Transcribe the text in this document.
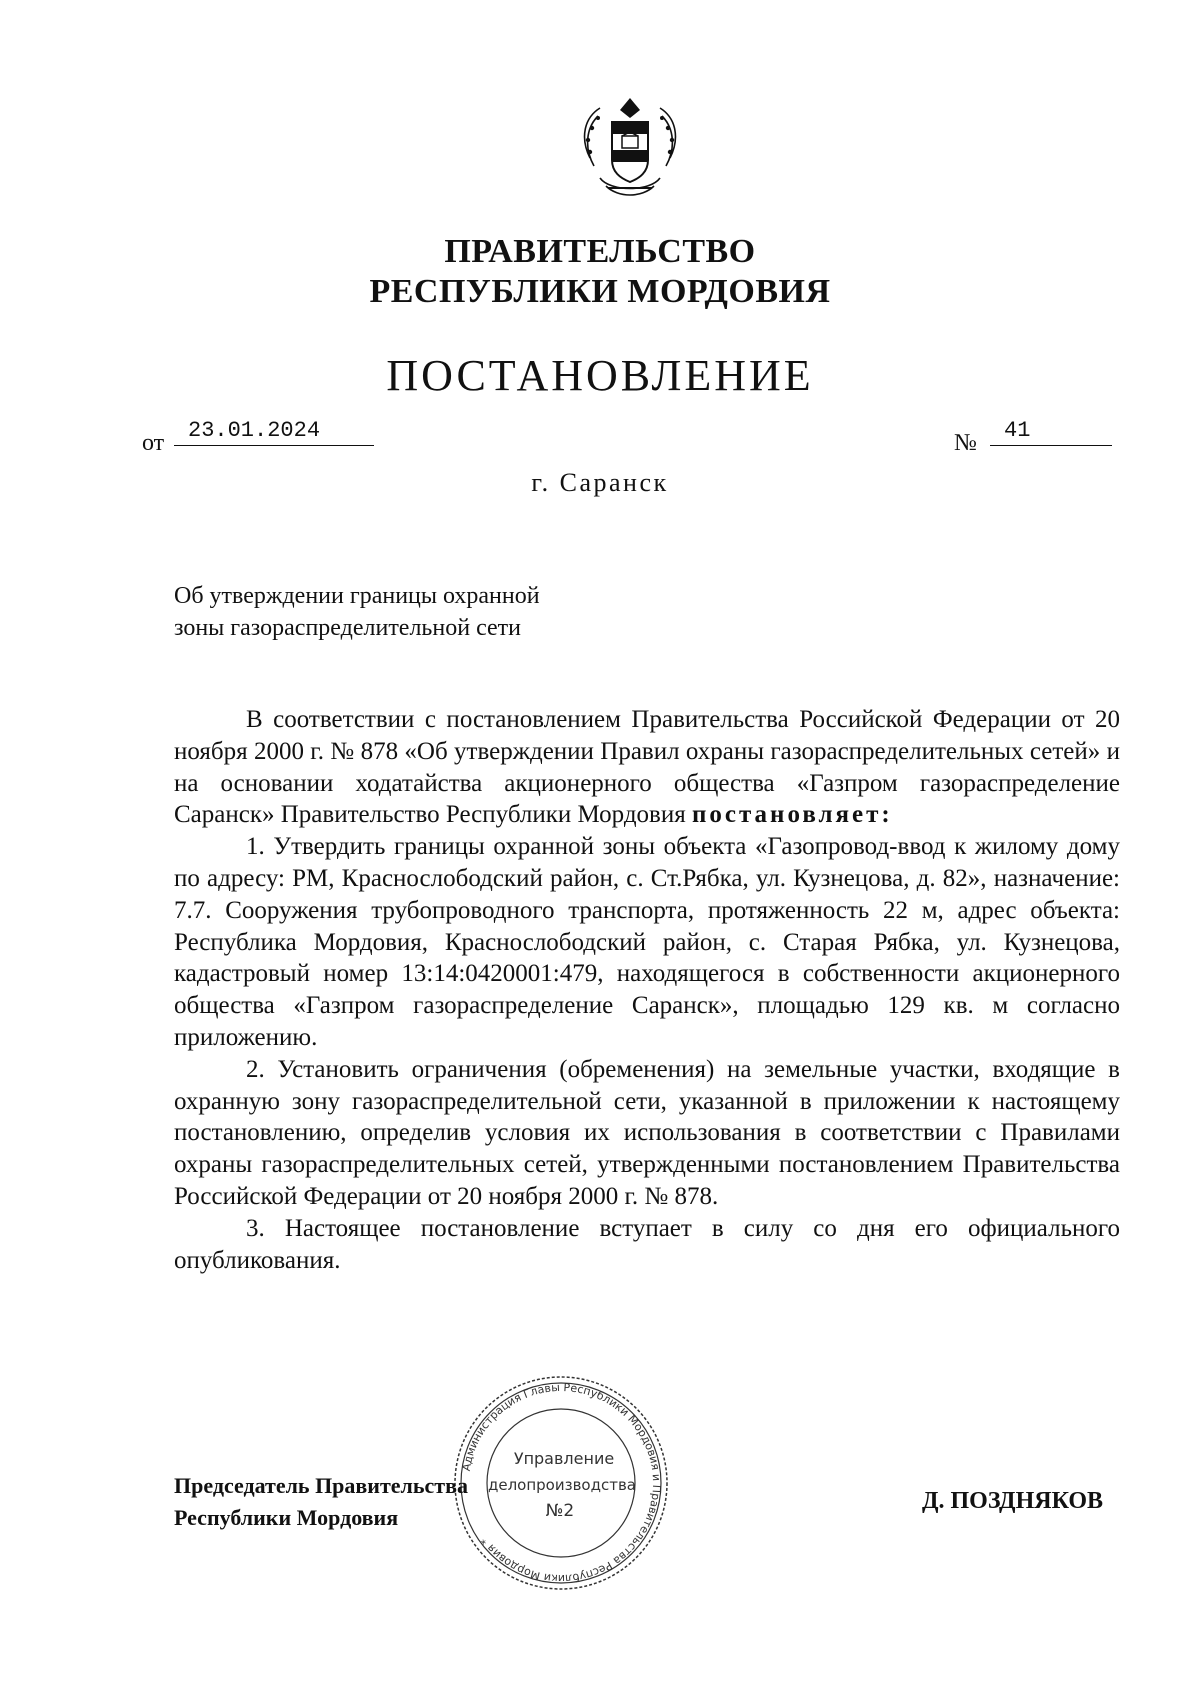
ПРАВИТЕЛЬСТВО
РЕСПУБЛИКИ МОРДОВИЯ
ПОСТАНОВЛЕНИЕ
от	23.01.2024	№	41
г. Саранск
Об утверждении границы охранной
зоны газораспределительной сети

В соответствии с постановлением Правительства Российской Федерации от 20 ноября 2000 г. № 878 «Об утверждении Правил охраны газораспределительных сетей» и на основании ходатайства акционерного общества «Газпром газораспределение Саранск» Правительство Республики Мордовия постановляет:

1. Утвердить границы охранной зоны объекта «Газопровод-ввод к жилому дому по адресу: РМ, Краснослободский район, с. Ст.Рябка, ул. Кузнецова, д. 82», назначение: 7.7. Сооружения трубопроводного транспорта, протяженность 22 м, адрес объекта: Республика Мордовия, Краснослободский район, с. Старая Рябка, ул. Кузнецова, кадастровый номер 13:14:0420001:479, находящегося в собственности акционерного общества «Газпром газораспределение Саранск», площадью 129 кв. м согласно приложению.

2. Установить ограничения (обременения) на земельные участки, входящие в охранную зону газораспределительной сети, указанной в приложении к настоящему постановлению, определив условия их использования в соответствии с Правилами охраны газораспределительных сетей, утвержденными постановлением Правительства Российской Федерации от 20 ноября 2000 г. № 878.

3. Настоящее постановление вступает в силу со дня его официального опубликования.

Администрация Главы Республики Мордовия и Правительства Республики Мордовия *
Управление
делопроизводства
№2
Председатель Правительства
Республики Мордовия
Д. ПОЗДНЯКОВ
